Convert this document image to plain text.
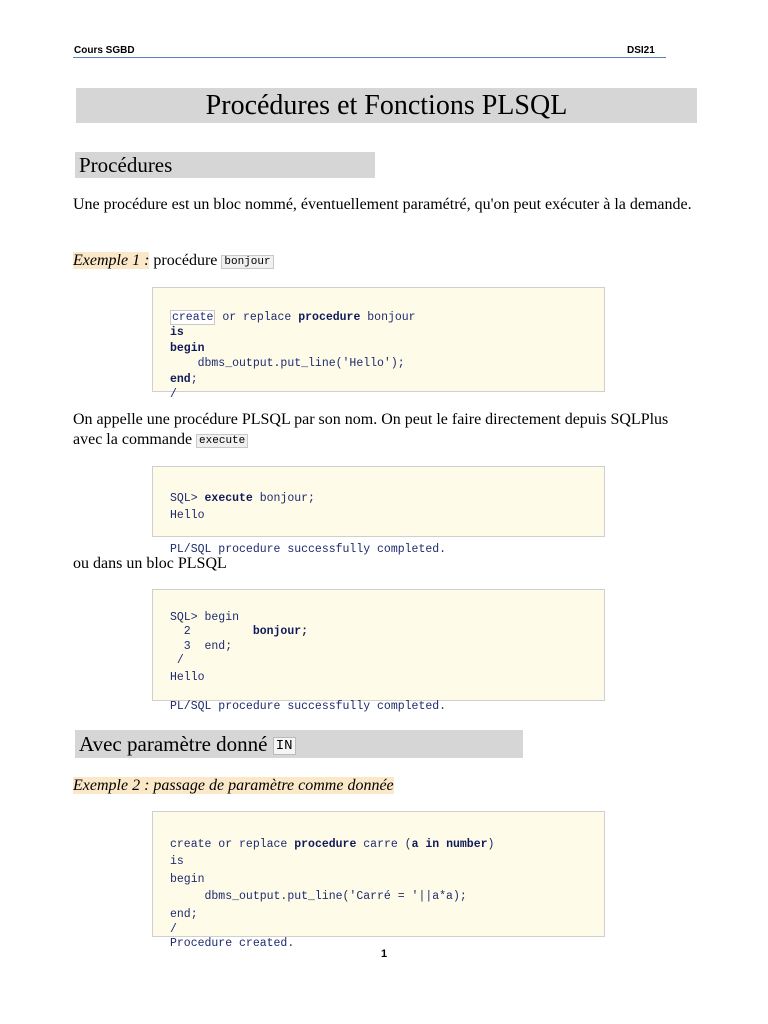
Cours SGBD	DSI21
Procédures et Fonctions PLSQL
Procédures
Une procédure est un bloc nommé, éventuellement paramétré, qu'on peut exécuter à la demande.
Exemple 1 : procédure bonjour

create or replace procedure bonjour
is
begin
dbms_output.put_line('Hello');
end;
/
On appelle une procédure PLSQL par son nom. On peut le faire directement depuis SQLPlus avec la commande execute

SQL> execute bonjour;
Hello
PL/SQL procedure successfully completed.
ou dans un bloc PLSQL

SQL> begin
2         bonjour;
3  end;
/
Hello
PL/SQL procedure successfully completed.
Avec paramètre donné IN
Exemple 2 : passage de paramètre comme donnée

create or replace procedure carre (a in number)
is
begin
dbms_output.put_line('Carré = '||a*a);
end;
/
Procedure created.
1
